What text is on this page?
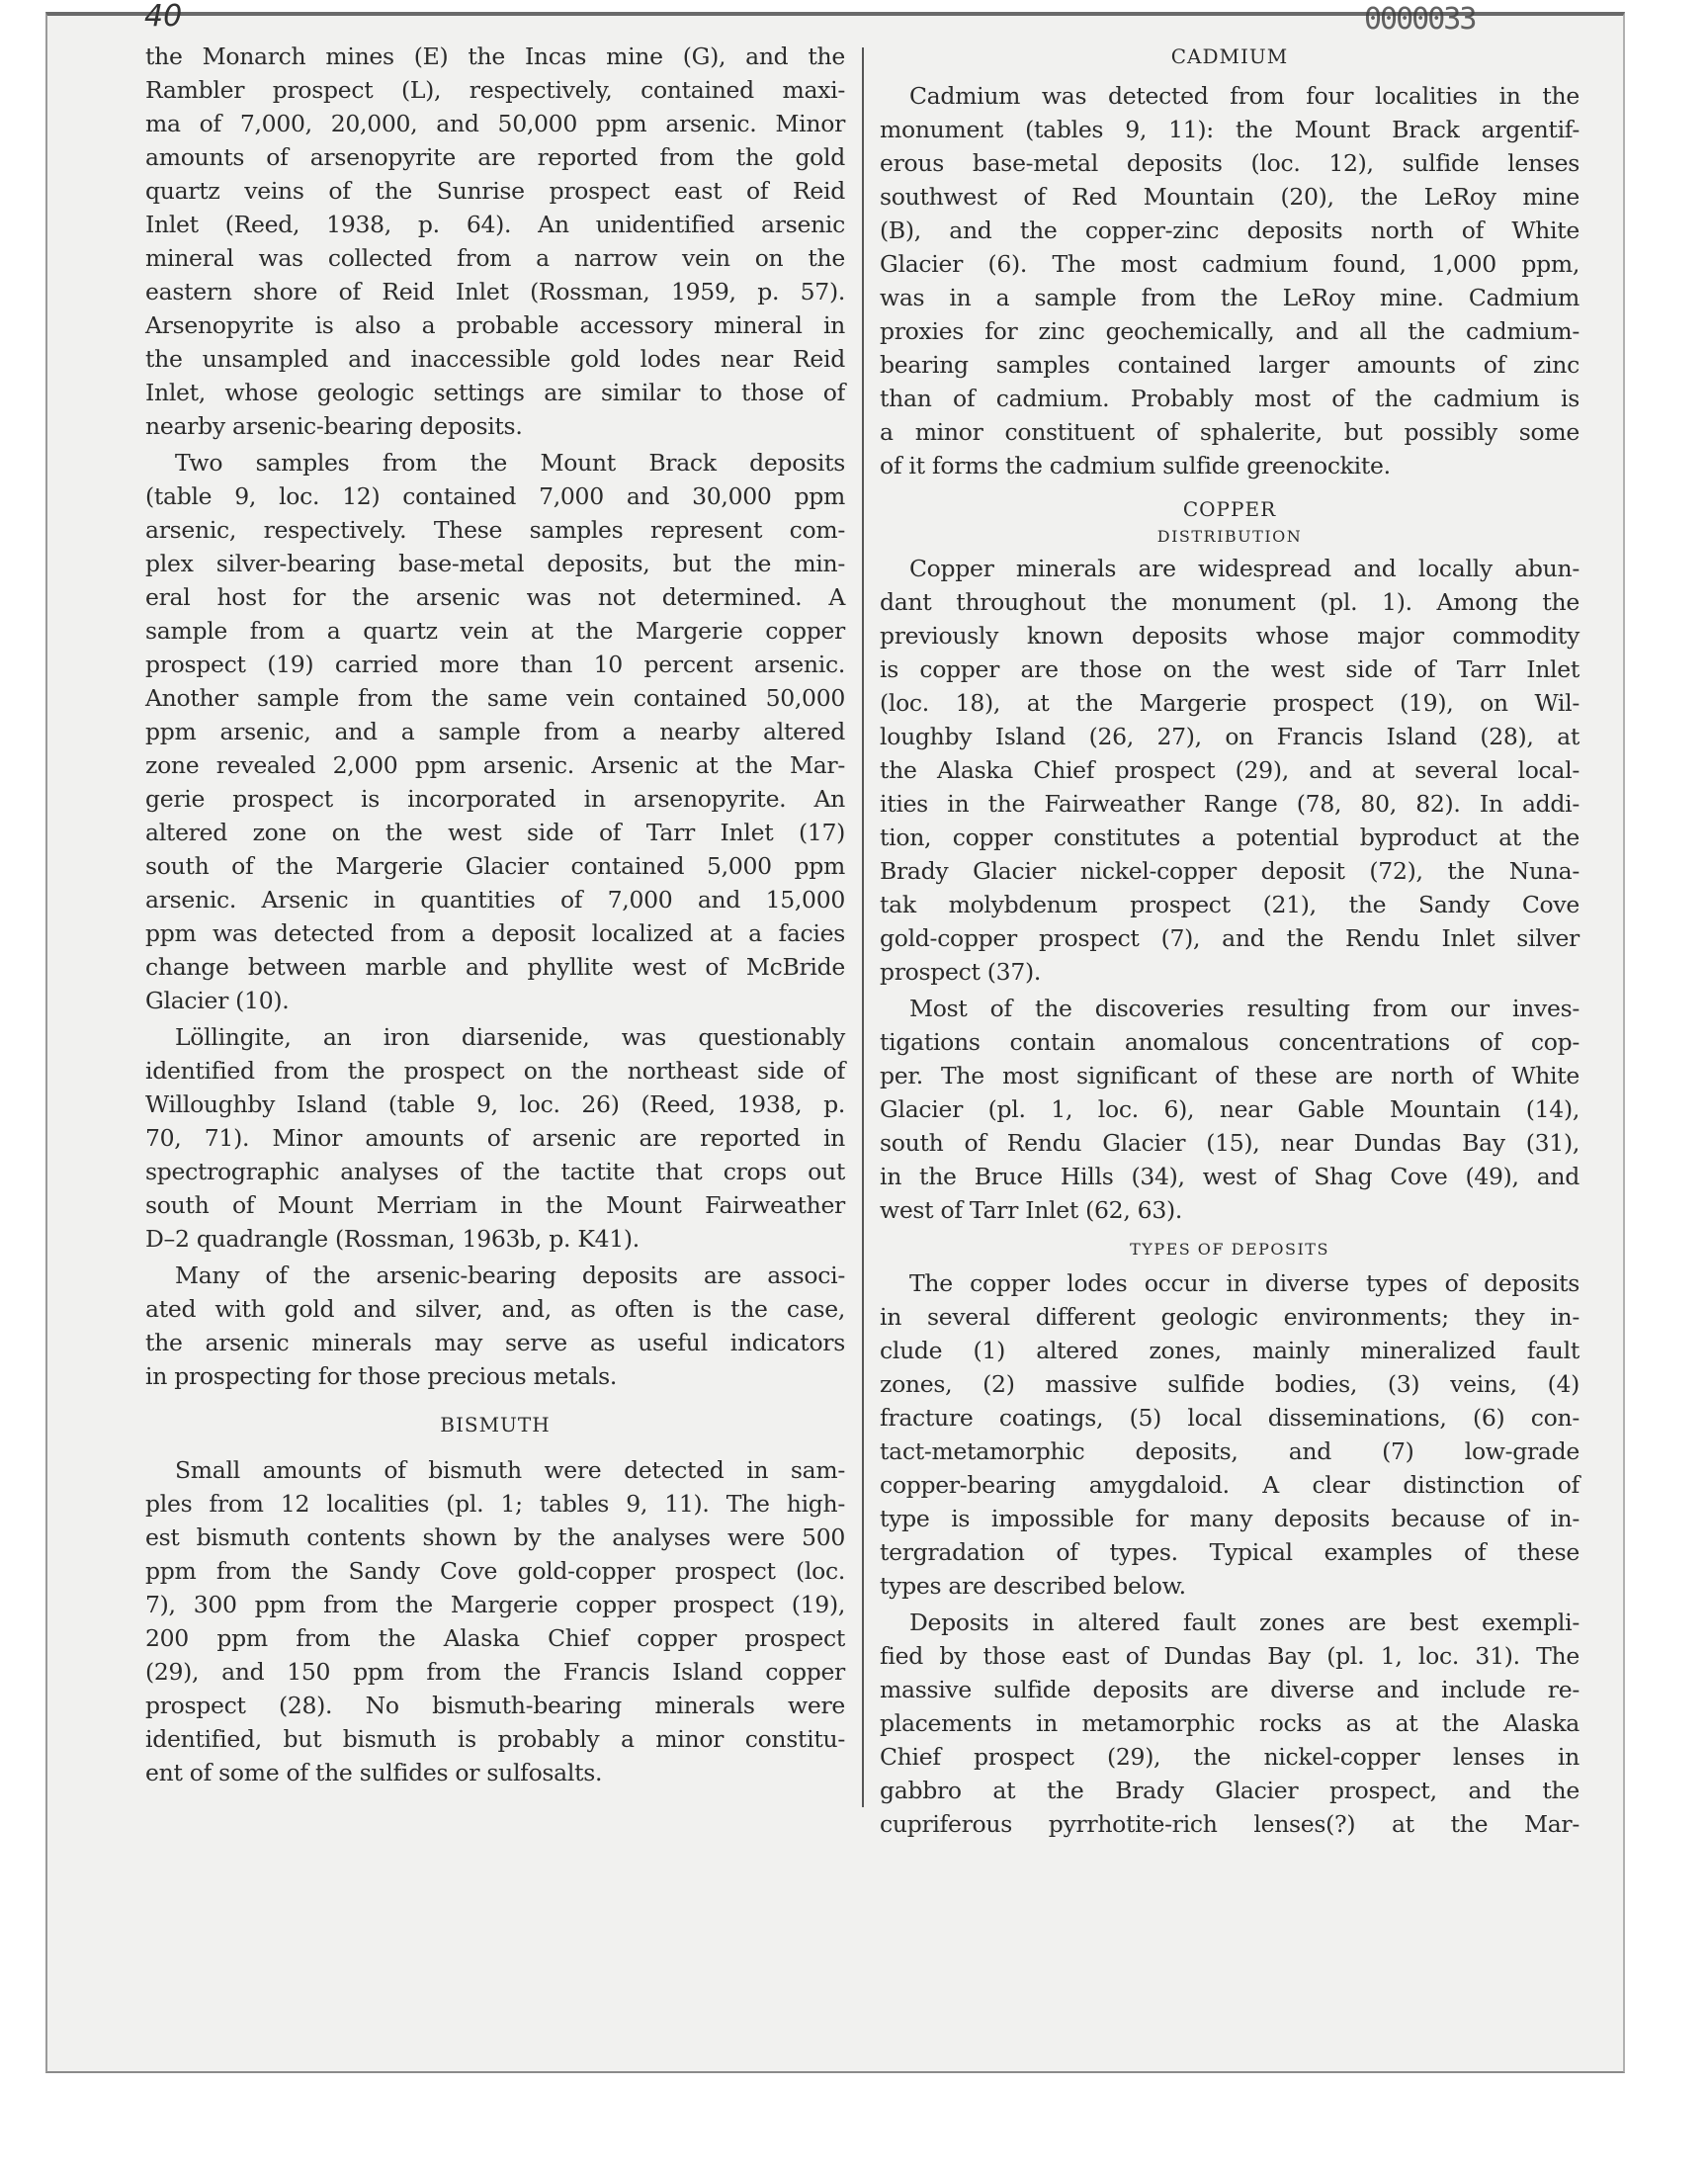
40
the Monarch mines (E) the Incas mine (G), and the
Rambler prospect (L), respectively, contained maxi-
ma of 7,000, 20,000, and 50,000 ppm arsenic. Minor
amounts of arsenopyrite are reported from the gold
quartz veins of the Sunrise prospect east of Reid
Inlet (Reed, 1938, p. 64). An unidentified arsenic
mineral was collected from a narrow vein on the
eastern shore of Reid Inlet (Rossman, 1959, p. 57).
Arsenopyrite is also a probable accessory mineral in
the unsampled and inaccessible gold lodes near Reid
Inlet, whose geologic settings are similar to those of
nearby arsenic-bearing deposits.
Two samples from the Mount Brack deposits
(table 9, loc. 12) contained 7,000 and 30,000 ppm
arsenic, respectively. These samples represent com-
plex silver-bearing base-metal deposits, but the min-
eral host for the arsenic was not determined. A
sample from a quartz vein at the Margerie copper
prospect (19) carried more than 10 percent arsenic.
Another sample from the same vein contained 50,000
ppm arsenic, and a sample from a nearby altered
zone revealed 2,000 ppm arsenic. Arsenic at the Mar-
gerie prospect is incorporated in arsenopyrite. An
altered zone on the west side of Tarr Inlet (17)
south of the Margerie Glacier contained 5,000 ppm
arsenic. Arsenic in quantities of 7,000 and 15,000
ppm was detected from a deposit localized at a facies
change between marble and phyllite west of McBride
Glacier (10).
Löllingite, an iron diarsenide, was questionably
identified from the prospect on the northeast side of
Willoughby Island (table 9, loc. 26) (Reed, 1938, p.
70, 71). Minor amounts of arsenic are reported in
spectrographic analyses of the tactite that crops out
south of Mount Merriam in the Mount Fairweather
D–2 quadrangle (Rossman, 1963b, p. K41).
Many of the arsenic-bearing deposits are associ-
ated with gold and silver, and, as often is the case,
the arsenic minerals may serve as useful indicators
in prospecting for those precious metals.
BISMUTH
Small amounts of bismuth were detected in sam-
ples from 12 localities (pl. 1; tables 9, 11). The high-
est bismuth contents shown by the analyses were 500
ppm from the Sandy Cove gold-copper prospect (loc.
7), 300 ppm from the Margerie copper prospect (19),
200 ppm from the Alaska Chief copper prospect
(29), and 150 ppm from the Francis Island copper
prospect (28). No bismuth-bearing minerals were
identified, but bismuth is probably a minor constitu-
ent of some of the sulfides or sulfosalts.
CADMIUM
Cadmium was detected from four localities in the
monument (tables 9, 11): the Mount Brack argentif-
erous base-metal deposits (loc. 12), sulfide lenses
southwest of Red Mountain (20), the LeRoy mine
(B), and the copper-zinc deposits north of White
Glacier (6). The most cadmium found, 1,000 ppm,
was in a sample from the LeRoy mine. Cadmium
proxies for zinc geochemically, and all the cadmium-
bearing samples contained larger amounts of zinc
than of cadmium. Probably most of the cadmium is
a minor constituent of sphalerite, but possibly some
of it forms the cadmium sulfide greenockite.
COPPER
DISTRIBUTION
Copper minerals are widespread and locally abun-
dant throughout the monument (pl. 1). Among the
previously known deposits whose major commodity
is copper are those on the west side of Tarr Inlet
(loc. 18), at the Margerie prospect (19), on Wil-
loughby Island (26, 27), on Francis Island (28), at
the Alaska Chief prospect (29), and at several local-
ities in the Fairweather Range (78, 80, 82). In addi-
tion, copper constitutes a potential byproduct at the
Brady Glacier nickel-copper deposit (72), the Nuna-
tak molybdenum prospect (21), the Sandy Cove
gold-copper prospect (7), and the Rendu Inlet silver
prospect (37).
Most of the discoveries resulting from our inves-
tigations contain anomalous concentrations of cop-
per. The most significant of these are north of White
Glacier (pl. 1, loc. 6), near Gable Mountain (14),
south of Rendu Glacier (15), near Dundas Bay (31),
in the Bruce Hills (34), west of Shag Cove (49), and
west of Tarr Inlet (62, 63).
TYPES OF DEPOSITS
The copper lodes occur in diverse types of deposits
in several different geologic environments; they in-
clude (1) altered zones, mainly mineralized fault
zones, (2) massive sulfide bodies, (3) veins, (4)
fracture coatings, (5) local disseminations, (6) con-
tact-metamorphic deposits, and (7) low-grade
copper-bearing amygdaloid. A clear distinction of
type is impossible for many deposits because of in-
tergradation of types. Typical examples of these
types are described below.
Deposits in altered fault zones are best exempli-
fied by those east of Dundas Bay (pl. 1, loc. 31). The
massive sulfide deposits are diverse and include re-
placements in metamorphic rocks as at the Alaska
Chief prospect (29), the nickel-copper lenses in
gabbro at the Brady Glacier prospect, and the
cupriferous pyrrhotite-rich lenses(?) at the Mar-
0000033
